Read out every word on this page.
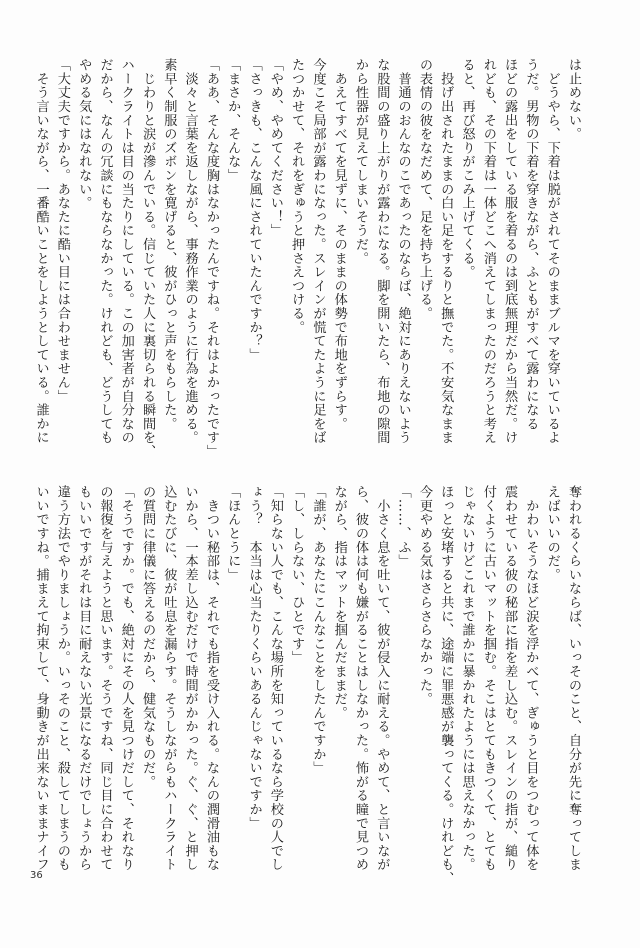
は止めない。
　どうやら、下着は脱がされてそのままブルマを穿いているよ
うだ。男物の下着を穿きながら、ふともがすべて露わになる
ほどの露出をしている服を着るのは到底無理だから当然だ。け
れども、その下着は一体どこへ消えてしまったのだろうと考え
ると、再び怒りがこみ上げてくる。
　投げ出されたままの白い足をするりと撫でた。不安気なまま
の表情の彼をなだめて、足を持ち上げる。
　普通のおんなのこであったのならば、絶対にありえないよう
な股間の盛り上がりが露わになる。脚を開いたら、布地の隙間
から性器が見えてしまいそうだ。
　あえてすべてを見ずに、そのままの体勢で布地をずらす。
今度こそ局部が露わになった。スレインが慌てたように足をば
たつかせて、それをぎゅうと押さえつける。
「やめ、やめてください！」
「さっきも、こんな風にされていたんですか？」
「まさか、そんな」
「ああ、そんな度胸はなかったんですね。それはよかったです」
　淡々と言葉を返しながら、事務作業のように行為を進める。
素早く制服のズボンを寛げると、彼がひっと声をもらした。
　じわりと涙が滲んでいる。信じていた人に裏切られる瞬間を、
ハークライトは目の当たりにしている。この加害者が自分なの
だから、なんの冗談にもならなかった。けれども、どうしても
やめる気にはなれない。
「大丈夫ですから。あなたに酷い目には合わせません」
　そう言いながら、一番酷いことをしようとしている。誰かに
奪われるくらいならば、いっそのこと、自分が先に奪ってしま
えばいいのだ。
　かわいそうなほど涙を浮かべて、ぎゅうと目をつむって体を
震わせている彼の秘部に指を差し込む。スレインの指が、縋り
付くように古いマットを掴む。そこはとてもきつくて、とても
じゃないけどこれまで誰かに暴かれたようには思えなかった。
ほっと安堵すると共に、途端に罪悪感が襲ってくる。けれども、
今更やめる気はさらさらなかった。
「……、ふ」
　小さく息を吐いて、彼が侵入に耐える。やめて、と言いなが
ら、彼の体は何も嫌がることはしなかった。怖がる瞳で見つめ
ながら、指はマットを掴んだままだ。
「誰が、あなたにこんなことをしたんですか」
「し、しらない、ひとです」
「知らない人でも、こんな場所を知っているなら学校の人でし
ょう？　本当は心当たりくらいあるんじゃないですか」
「ほんとうに」
　きつい秘部は、それでも指を受け入れる。なんの潤滑油もな
いから、一本差し込むだけで時間がかかった。ぐ、ぐ、と押し
込むたびに、彼が吐息を漏らす。そうしながらもハークライト
の質問に律儀に答えるのだから、健気なものだ。
「そうですか。でも、絶対にその人を見つけだして、それなり
の報復を与えようと思います。そうですね、同じ目に合わせて
もいいですがそれは目に耐えない光景になるだけでしょうから
違う方法でやりましょうか。いっそのこと、殺してしまうのも
いいですね。捕まえて拘束して、身動きが出来ないままナイフ
36
